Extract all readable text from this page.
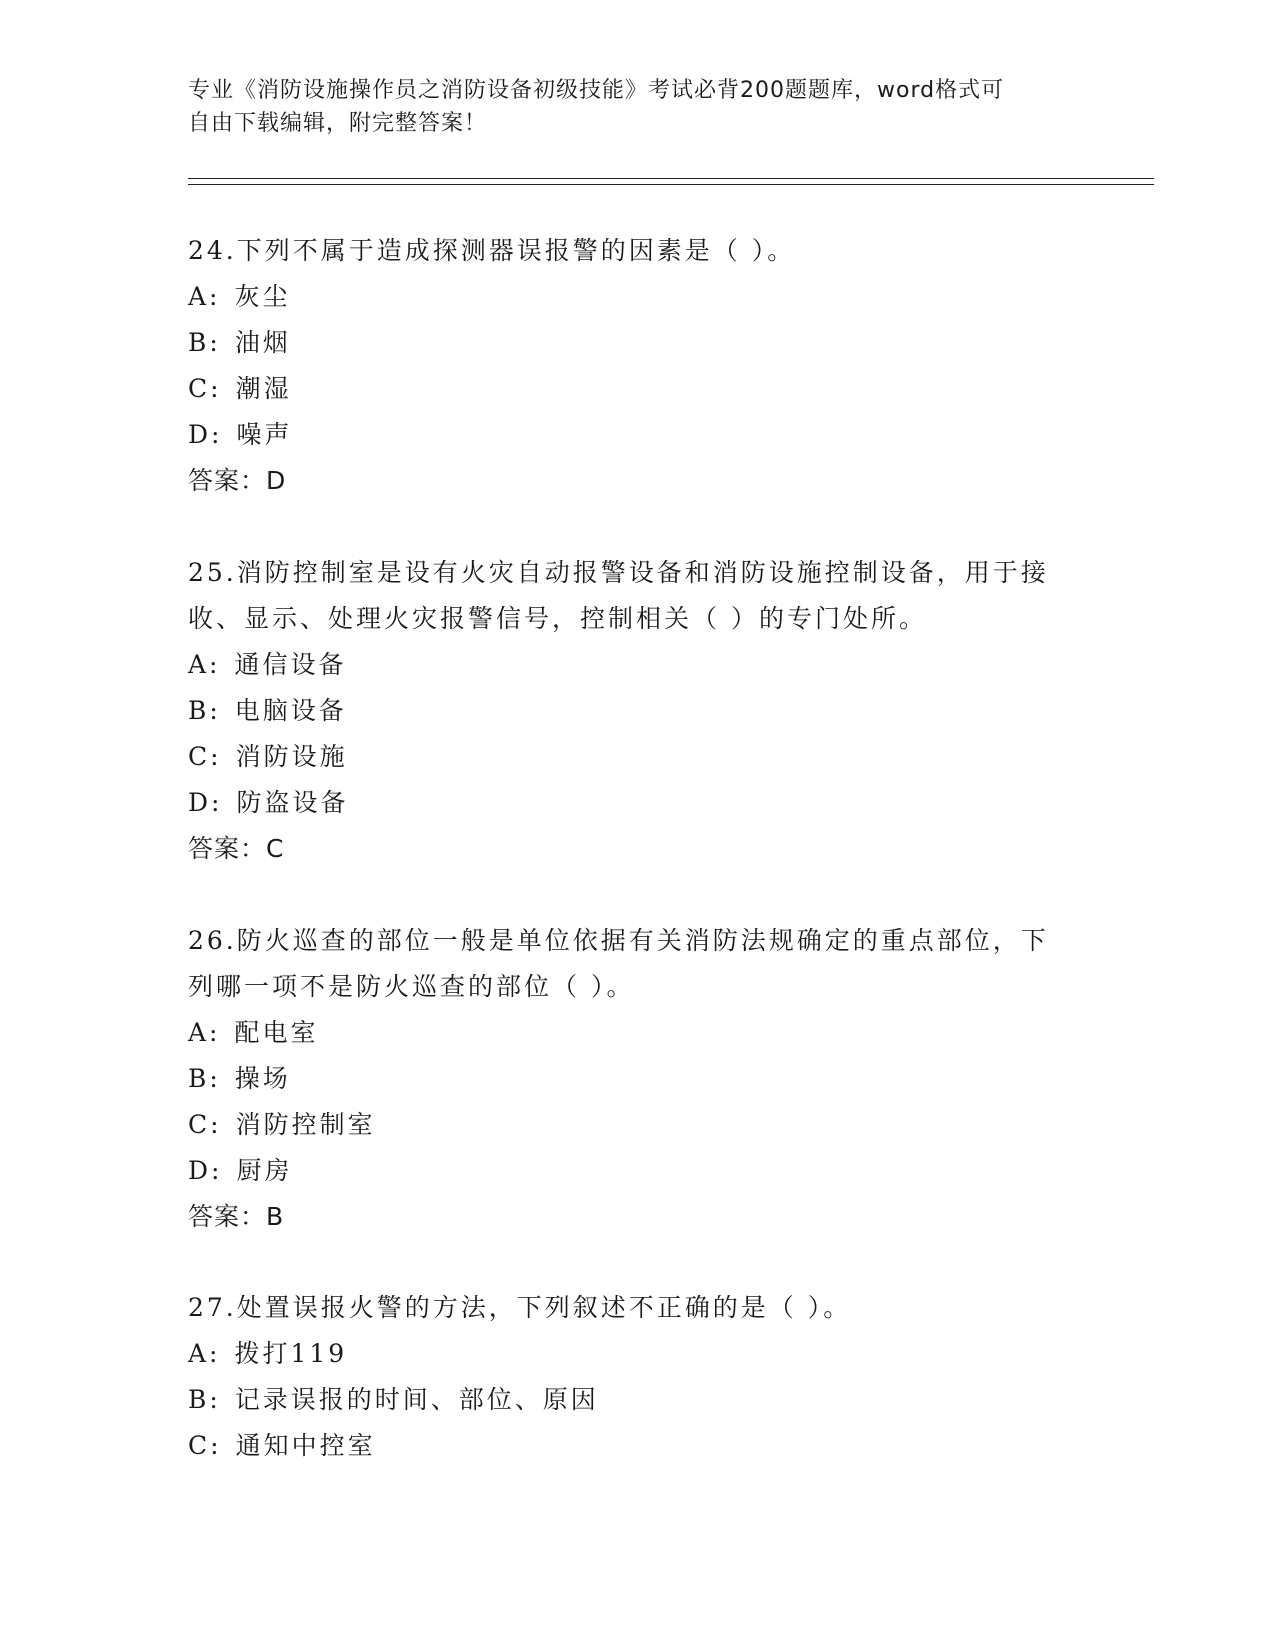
专业《消防设施操作员之消防设备初级技能》考试必背200题题库，word格式可
自由下载编辑，附完整答案！
24.下列不属于造成探测器误报警的因素是（ ）。
A: 灰尘
B: 油烟
C: 潮湿
D: 噪声
答案：D
25.消防控制室是设有火灾自动报警设备和消防设施控制设备，用于接
收、显示、处理火灾报警信号，控制相关（ ）的专门处所。
A: 通信设备
B: 电脑设备
C: 消防设施
D: 防盗设备
答案：C
26.防火巡查的部位一般是单位依据有关消防法规确定的重点部位，下
列哪一项不是防火巡查的部位（ ）。
A: 配电室
B: 操场
C: 消防控制室
D: 厨房
答案：B
27.处置误报火警的方法，下列叙述不正确的是（ ）。
A: 拨打119
B: 记录误报的时间、部位、原因
C: 通知中控室
